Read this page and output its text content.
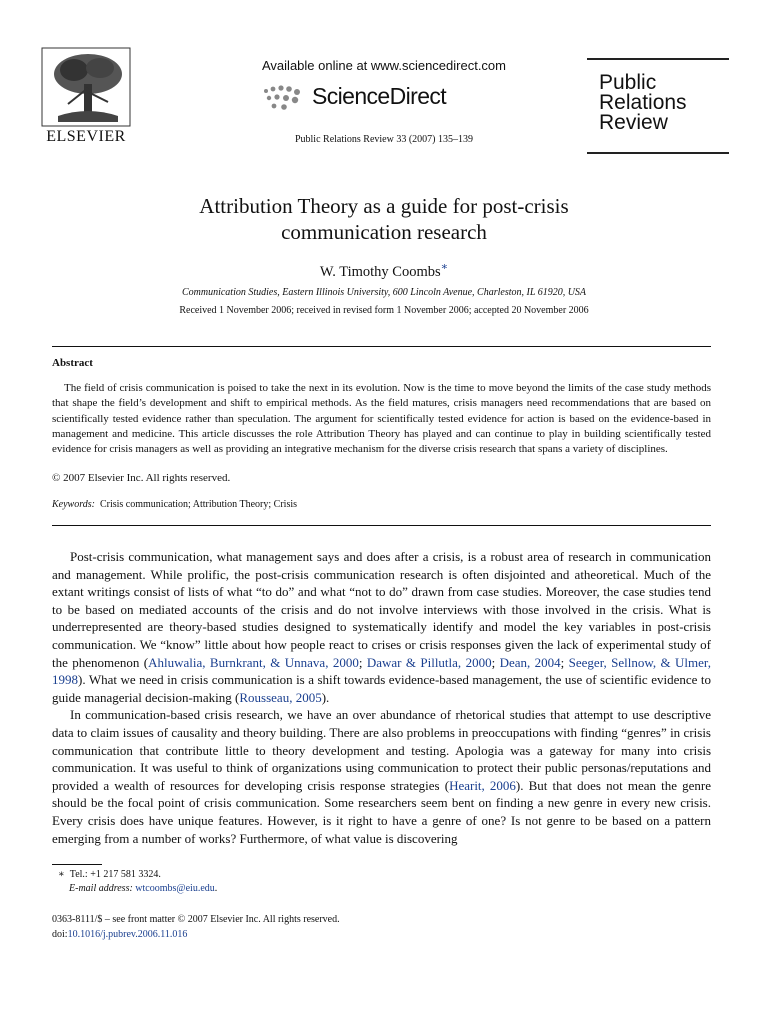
ELSEVIER
Available online at www.sciencedirect.com
ScienceDirect
Public Relations Review 33 (2007) 135–139
Public
Relations
Review
Attribution Theory as a guide for post-crisis
communication research
W. Timothy Coombs∗
Communication Studies, Eastern Illinois University, 600 Lincoln Avenue, Charleston, IL 61920, USA
Received 1 November 2006; received in revised form 1 November 2006; accepted 20 November 2006
Abstract

The field of crisis communication is poised to take the next in its evolution. Now is the time to move beyond the limits of the case study methods that shape the field’s development and shift to empirical methods. As the field matures, crisis managers need recommendations that are based on scientifically tested evidence rather than speculation. The argument for scientifically tested evidence for action is based on the evidence-based in management and medicine. This article discusses the role Attribution Theory has played and can continue to play in building scientifically tested evidence for crisis managers as well as providing an integrative mechanism for the diverse crisis research that spans a variety of disciplines.

© 2007 Elsevier Inc. All rights reserved.
Keywords: Crisis communication; Attribution Theory; Crisis

Post-crisis communication, what management says and does after a crisis, is a robust area of research in communication and management. While prolific, the post-crisis communication research is often disjointed and atheoretical. Much of the extant writings consist of lists of what “to do” and what “not to do” drawn from case studies. Moreover, the case studies tend to be based on mediated accounts of the crisis and do not involve interviews with those involved in the crisis. What is underrepresented are theory-based studies designed to systematically identify and model the key variables in post-crisis communication. We “know” little about how people react to crises or crisis responses given the lack of experimental study of the phenomenon (Ahluwalia, Burnkrant, & Unnava, 2000; Dawar & Pillutla, 2000; Dean, 2004; Seeger, Sellnow, & Ulmer, 1998). What we need in crisis communication is a shift towards evidence-based management, the use of scientific evidence to guide managerial decision-making (Rousseau, 2005).

In communication-based crisis research, we have an over abundance of rhetorical studies that attempt to use descriptive data to claim issues of causality and theory building. There are also problems in preoccupations with finding “genres” in crisis communication that contribute little to theory development and testing. Apologia was a gateway for many into crisis communication. It was useful to think of organizations using communication to protect their public personas/reputations and provided a wealth of resources for developing crisis response strategies (Hearit, 2006). But that does not mean the genre should be the focal point of crisis communication. Some researchers seem bent on finding a new genre in every new crisis. Every crisis does have unique features. However, is it right to have a genre of one? Is not genre to be based on a pattern emerging from a number of works? Furthermore, of what value is discovering

∗ Tel.: +1 217 581 3324.
E-mail address: wtcoombs@eiu.edu.
0363-8111/$ – see front matter © 2007 Elsevier Inc. All rights reserved.
doi:10.1016/j.pubrev.2006.11.016
